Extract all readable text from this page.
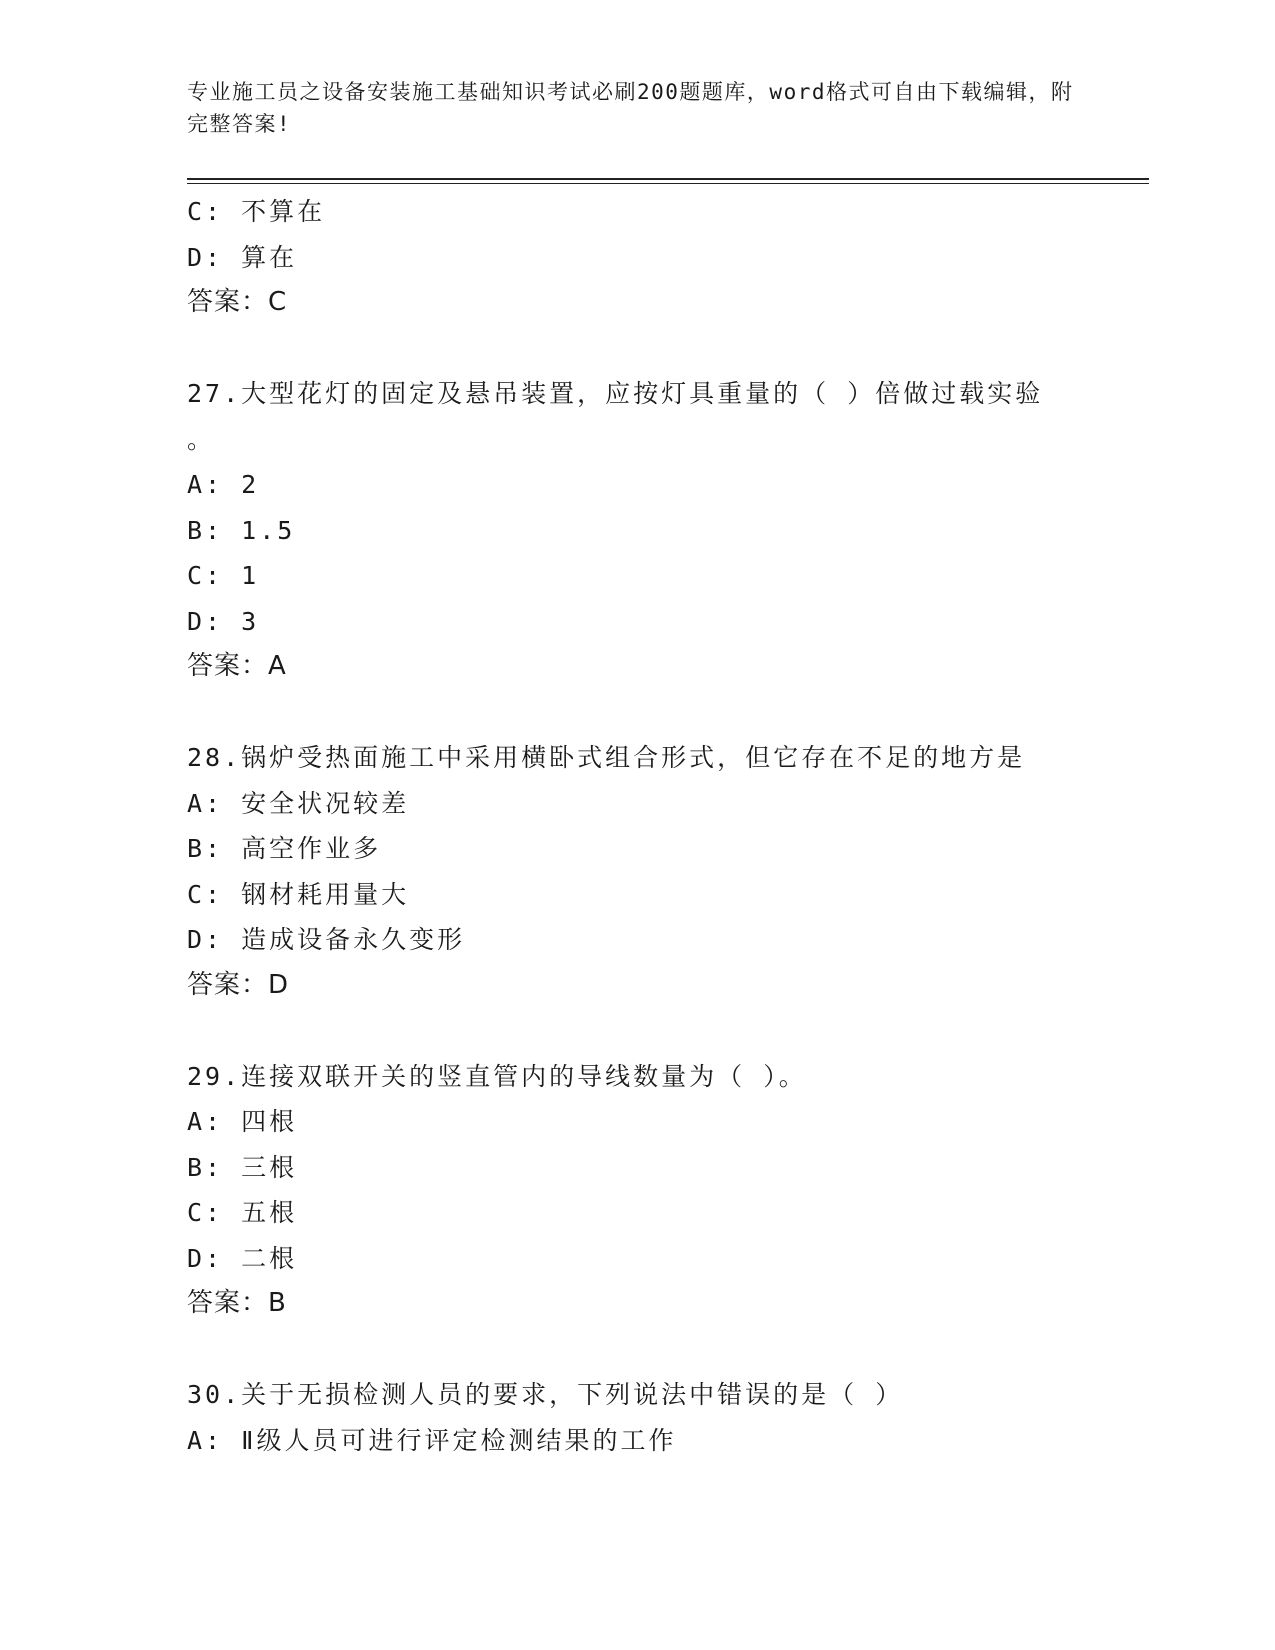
专业施工员之设备安装施工基础知识考试必刷200题题库，word格式可自由下载编辑，附完整答案!
C: 不算在
D: 算在
答案：C
27.大型花灯的固定及悬吊装置，应按灯具重量的（ ）倍做过载实验
。
A: 2
B: 1.5
C: 1
D: 3
答案：A
28.锅炉受热面施工中采用横卧式组合形式，但它存在不足的地方是
A: 安全状况较差
B: 高空作业多
C: 钢材耗用量大
D: 造成设备永久变形
答案：D
29.连接双联开关的竖直管内的导线数量为（ ）。
A: 四根
B: 三根
C: 五根
D: 二根
答案：B
30.关于无损检测人员的要求，下列说法中错误的是（ ）
A: Ⅱ级人员可进行评定检测结果的工作
